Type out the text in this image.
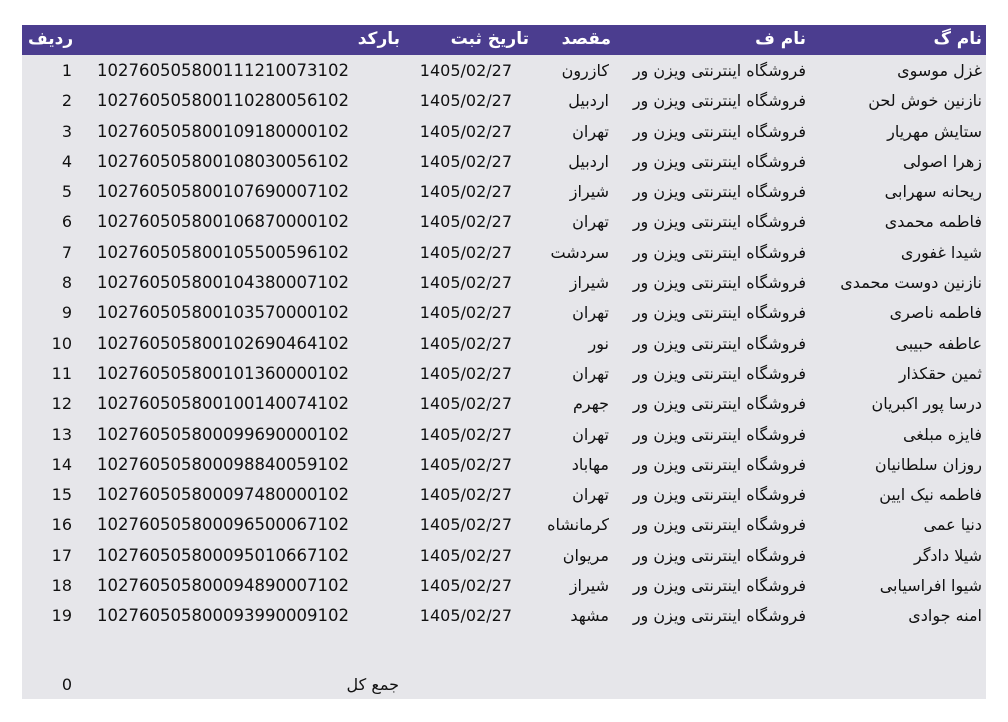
نام گ
نام ف
مقصد
تاریخ ثبت
بارکد
ردیف
غزل موسوی
فروشگاه اینترنتی ویزن ور
کازرون
1405/02/27
102760505800111210073102
1
نازنین خوش لحن
فروشگاه اینترنتی ویزن ور
اردبیل
1405/02/27
102760505800110280056102
2
ستایش مهریار
فروشگاه اینترنتی ویزن ور
تهران
1405/02/27
102760505800109180000102
3
زهرا اصولی
فروشگاه اینترنتی ویزن ور
اردبیل
1405/02/27
102760505800108030056102
4
ریحانه سهرابی
فروشگاه اینترنتی ویزن ور
شیراز
1405/02/27
102760505800107690007102
5
فاطمه محمدی
فروشگاه اینترنتی ویزن ور
تهران
1405/02/27
102760505800106870000102
6
شیدا غفوری
فروشگاه اینترنتی ویزن ور
سردشت
1405/02/27
102760505800105500596102
7
نازنین دوست محمدی
فروشگاه اینترنتی ویزن ور
شیراز
1405/02/27
102760505800104380007102
8
فاطمه ناصری
فروشگاه اینترنتی ویزن ور
تهران
1405/02/27
102760505800103570000102
9
عاطفه حبیبی
فروشگاه اینترنتی ویزن ور
نور
1405/02/27
102760505800102690464102
10
ثمین حقکذار
فروشگاه اینترنتی ویزن ور
تهران
1405/02/27
102760505800101360000102
11
درسا پور اکبریان
فروشگاه اینترنتی ویزن ور
جهرم
1405/02/27
102760505800100140074102
12
فایزه مبلغی
فروشگاه اینترنتی ویزن ور
تهران
1405/02/27
102760505800099690000102
13
روزان سلطانیان
فروشگاه اینترنتی ویزن ور
مهاباد
1405/02/27
102760505800098840059102
14
فاطمه نیک ایین
فروشگاه اینترنتی ویزن ور
تهران
1405/02/27
102760505800097480000102
15
دنیا عمی
فروشگاه اینترنتی ویزن ور
کرمانشاه
1405/02/27
102760505800096500067102
16
شیلا دادگر
فروشگاه اینترنتی ویزن ور
مریوان
1405/02/27
102760505800095010667102
17
شیوا افراسیابی
فروشگاه اینترنتی ویزن ور
شیراز
1405/02/27
102760505800094890007102
18
امنه جوادی
فروشگاه اینترنتی ویزن ور
مشهد
1405/02/27
102760505800093990009102
19
جمع کل
0
